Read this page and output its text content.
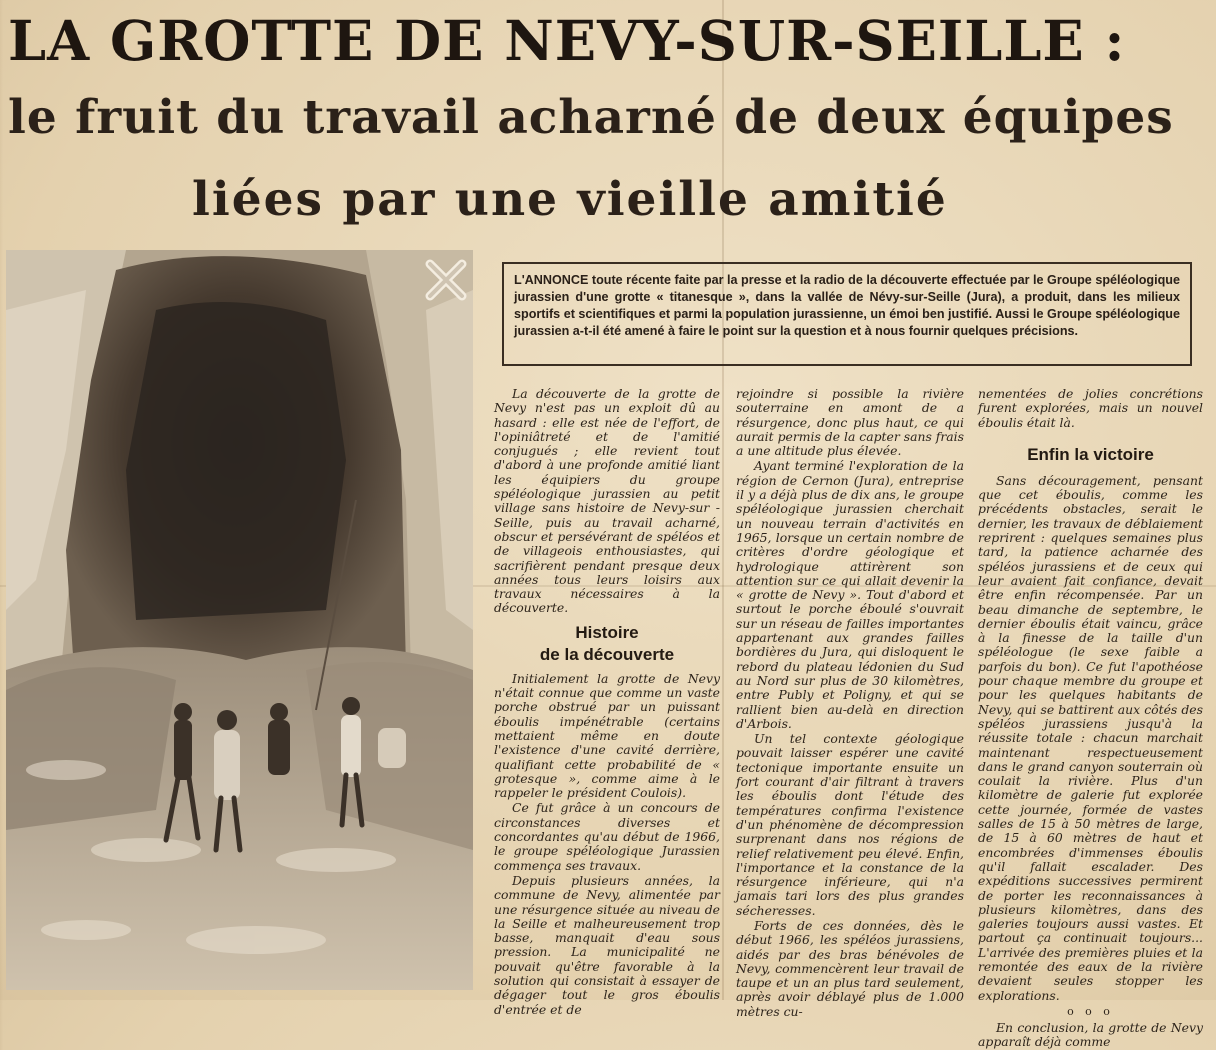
LA GROTTE DE NEVY-SUR-SEILLE :
le fruit du travail acharné de deux équipes
liées par une vieille amitié

L'ANNONCE toute récente faite par la presse et la radio de la découverte effectuée par le Groupe spéléologique jurassien d'une grotte « titanesque », dans la vallée de Névy-sur-Seille (Jura), a produit, dans les milieux sportifs et scientifiques et parmi la population jurassienne, un émoi ben justifié. Aussi le Groupe spéléologique jurassien a-t-il été amené à faire le point sur la question et à nous fournir quelques précisions.

La découverte de la grotte de Nevy n'est pas un exploit dû au hasard : elle est née de l'effort, de l'opiniâtreté et de l'amitié conjugués ; elle revient tout d'abord à une profonde amitié liant les équipiers du groupe spéléologique jurassien au petit village sans histoire de Nevy-sur - Seille, puis au travail acharné, obscur et persévérant de spéléos et de villageois enthousiastes, qui sacrifièrent pendant presque deux années tous leurs loisirs aux travaux nécessaires à la découverte.

Histoire
de la découverte

Initialement la grotte de Nevy n'était connue que comme un vaste porche obstrué par un puissant éboulis impénétrable (certains mettaient même en doute l'existence d'une cavité derrière, qualifiant cette probabilité de « grotesque », comme aime à le rappeler le président Coulois).

Ce fut grâce à un concours de circonstances diverses et concordantes qu'au début de 1966, le groupe spéléologique Jurassien commença ses travaux.

Depuis plusieurs années, la commune de Nevy, alimentée par une résurgence située au niveau de la Seille et malheureusement trop basse, manquait d'eau sous pression. La municipalité ne pouvait qu'être favorable à la solution qui consistait à essayer de dégager tout le gros éboulis d'entrée et de

rejoindre si possible la rivière souterraine en amont de a résurgence, donc plus haut, ce qui aurait permis de la capter sans frais a une altitude plus élevée.

Ayant terminé l'exploration de la région de Cernon (Jura), entreprise il y a déjà plus de dix ans, le groupe spéléologique jurassien cherchait un nouveau terrain d'activités en 1965, lorsque un certain nombre de critères d'ordre géologique et hydrologique attirèrent son attention sur ce qui allait devenir la « grotte de Nevy ». Tout d'abord et surtout le porche éboulé s'ouvrait sur un réseau de failles importantes appartenant aux grandes failles bordières du Jura, qui disloquent le rebord du plateau lédonien du Sud au Nord sur plus de 30 kilomètres, entre Publy et Poligny, et qui se rallient bien au-delà en direction d'Arbois.

Un tel contexte géologique pouvait laisser espérer une cavité tectonique importante ensuite un fort courant d'air filtrant à travers les éboulis dont l'étude des températures confirma l'existence d'un phénomène de décompression surprenant dans nos régions de relief relativement peu élevé. Enfin, l'importance et la constance de la résurgence inférieure, qui n'a jamais tari lors des plus grandes sécheresses.

Forts de ces données, dès le début 1966, les spéléos jurassiens, aidés par des bras bénévoles de Nevy, commencèrent leur travail de taupe et un an plus tard seulement, après avoir déblayé plus de 1.000 mètres cu-

nementées de jolies concrétions furent explorées, mais un nouvel éboulis était là.

Enfin la victoire

Sans découragement, pensant que cet éboulis, comme les précédents obstacles, serait le dernier, les travaux de déblaiement reprirent : quelques semaines plus tard, la patience acharnée des spéléos jurassiens et de ceux qui leur avaient fait confiance, devait être enfin récompensée. Par un beau dimanche de septembre, le dernier éboulis était vaincu, grâce à la finesse de la taille d'un spéléologue (le sexe faible a parfois du bon). Ce fut l'apothéose pour chaque membre du groupe et pour les quelques habitants de Nevy, qui se battirent aux côtés des spéléos jurassiens jusqu'à la réussite totale : chacun marchait maintenant respectueusement dans le grand canyon souterrain où coulait la rivière. Plus d'un kilomètre de galerie fut explorée cette journée, formée de vastes salles de 15 à 50 mètres de large, de 15 à 60 mètres de haut et encombrées d'immenses éboulis qu'il fallait escalader. Des expéditions successives permirent de porter les reconnaissances à plusieurs kilomètres, dans des galeries toujours aussi vastes. Et partout ça continuait toujours... L'arrivée des premières pluies et la remontée des eaux de la rivière devaient seules stopper les explorations.

o o o

En conclusion, la grotte de Nevy apparaît déjà comme
